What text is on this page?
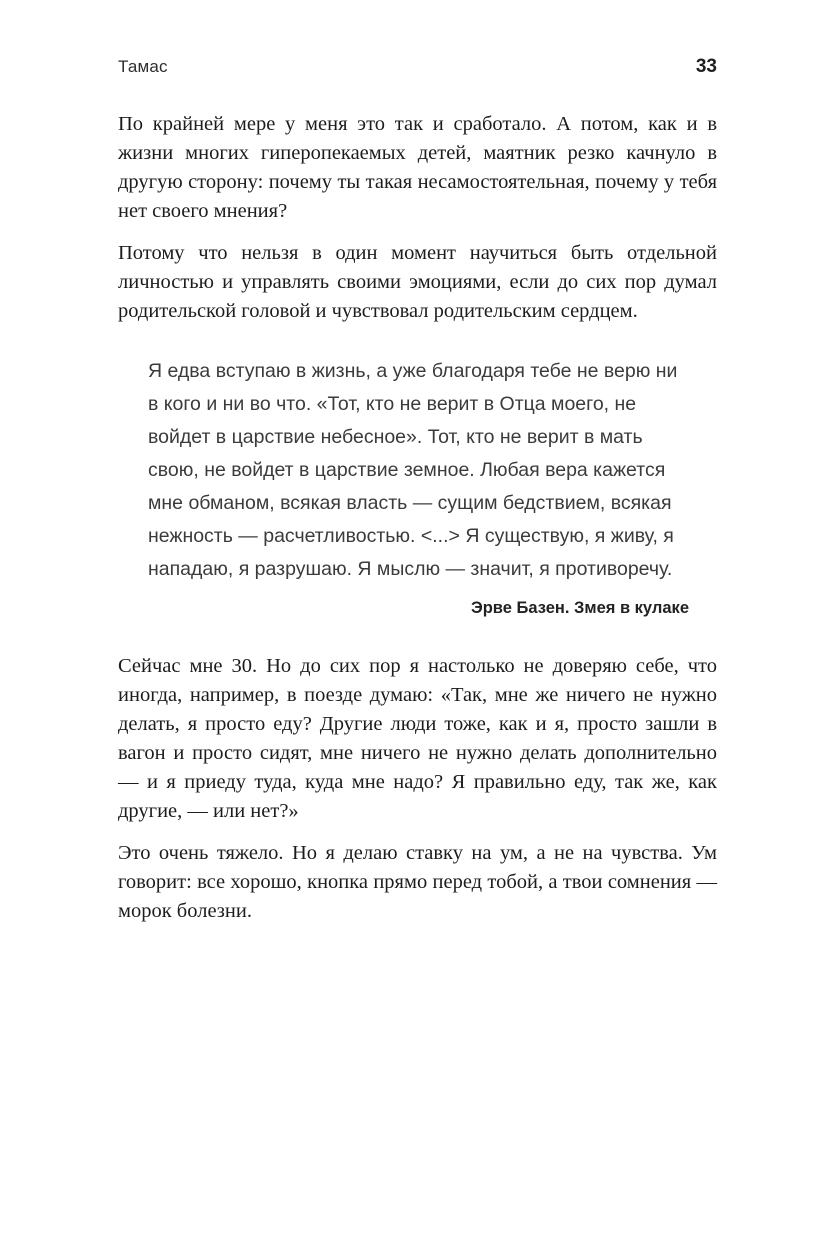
Тамас	33

По крайней мере у меня это так и сработало. А потом, как и в жизни многих гиперопекаемых детей, маятник резко качнуло в другую сторону: почему ты такая несамостоятельная, почему у тебя нет своего мнения?

Потому что нельзя в один момент научиться быть отдельной личностью и управлять своими эмоциями, если до сих пор думал родительской головой и чувствовал родительским сердцем.

Я едва вступаю в жизнь, а уже благодаря тебе не верю ни в кого и ни во что. «Тот, кто не верит в Отца моего, не войдет в царствие небесное». Тот, кто не верит в мать свою, не войдет в царствие земное. Любая вера кажется мне обманом, всякая власть — сущим бедствием, всякая нежность — расчетливостью. <...> Я существую, я живу, я нападаю, я разрушаю. Я мыслю — значит, я противоречу.

Эрве Базен. Змея в кулаке

Сейчас мне 30. Но до сих пор я настолько не доверяю себе, что иногда, например, в поезде думаю: «Так, мне же ничего не нужно делать, я просто еду? Другие люди тоже, как и я, просто зашли в вагон и просто сидят, мне ничего не нужно делать дополнительно — и я приеду туда, куда мне надо? Я правильно еду, так же, как другие, — или нет?»

Это очень тяжело. Но я делаю ставку на ум, а не на чувства. Ум говорит: все хорошо, кнопка прямо перед тобой, а твои сомнения — морок болезни.
